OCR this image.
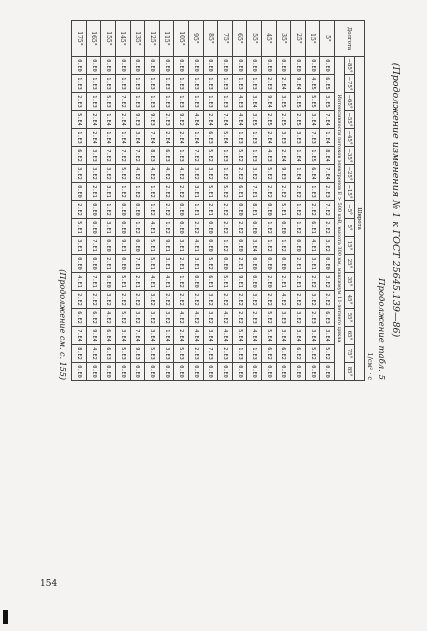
154
(Продолжение изменения № 1 к ГОСТ 25645.139—86)
Продолжение табл. 5
1/см² · с
Долгота	Широта																	
	−85°	−75°	−65°	−55°	−45°	−35°	−25°	−15°	−5°	5°	15°	25°	35°	45°	55°	65°	75°	85°
	Интенсивности потоков электронов E > 500 кэВ, высота 300 км, максимум 11-летнего цикла																	
5°	0.E0	6.E5	3.E5	7.E4	1.E4	8.E4	7.E4	2.E3	7.E2	2.E2	3.E2	0.E0	3.E2	2.E2	6.E3	3.E4	5.E2	0.E0
15°	0.E0	4.E5	5.E5	3.E4	7.E3	1.E5	6.E4	1.E3	2.E2	6.E1	4.E1	3.E1	2.E2	3.E2	2.E3	3.E4	5.E2	0.E0
25°	0.E0	9.E4	5.E5	2.E5	3.E3	1.E4	1.E4	2.E2	1.E2	1.E2	0.E0	2.E1	2.E1	2.E2	3.E2	3.E4	6.E2	0.E0
35°	0.E0	2.E4	3.E5	2.E5	3.E3	2.E4	9.E3	2.E2	5.E1	0.E0	1.E2	0.E0	2.E1	4.E2	3.E3	3.E4	6.E2	0.E0
45°	0.E0	2.E3	9.E4	2.E5	2.E4	4.E3	5.E2	2.E2	0.E0	1.E2	1.E2	0.E0	2.E0	2.E2	5.E2	5.E4	6.E2	0.E0
55°	0.E0	1.E3	3.E4	3.E5	1.E3	1.E3	3.E2	7.E1	8.E1	0.E0	3.E4	0.E0	0.E0	3.E2	2.E3	4.E4	1.E3	0.E0
65°	0.E0	1.E3	4.E3	4.E4	1.E3	5.E2	2.E2	6.E1	0.E0	2.E2	0.E0	2.E1	9.E1	2.E2	2.E2	5.E4	1.E3	0.E0
75°	0.E0	1.E3	1.E3	7.E4	5.E4	1.E3	1.E2	5.E2	2.E2	2.E2	1.E2	0.E0	5.E1	2.E2	4.E2	4.E4	2.E3	0.E0
85°	0.E0	1.E3	1.E3	2.E4	6.E3	5.E2	3.E2	5.E1	2.E1	0.E0	0.E0	5.E2	6.E1	3.E2	3.E2	3.E4	7.E3	0.E0
95°	0.E0	1.E3	1.E3	4.E4	1.E4	7.E2	3.E2	3.E1	1.E1	2.E2	4.E1	3.E1	0.E0	2.E2	4.E2	4.E4	2.E3	0.E0
105°	0.E0	1.E3	1.E3	9.E2	2.E4	1.E3	4.E2	2.E2	0.E0	0.E0	3.E1	2.E1	1.E2	2.E2	4.E2	2.E4	5.E3	0.E0
115°	0.E0	1.E3	1.E3	2.E3	2.E4	6.E3	4.E2	2.E2	2.E2	1.E2	9.E1	3.E1	4.E1	2.E2	3.E2	1.E4	3.E3	0.E0
125°	0.E0	1.E3	1.E3	9.E3	7.E4	8.E3	4.E2	1.E2	1.E2	4.E1	5.E1	5.E1	4.E1	3.E2	3.E2	3.E4	5.E3	0.E0
135°	0.E0	1.E3	1.E3	9.E3	3.E4	7.E2	4.E2	1.E2	0.E0	1.E2	0.E0	7.E1	2.E1	2.E2	3.E2	7.E4	9.E3	0.E0
145°	0.E0	1.E3	7.E2	2.E4	1.E4	7.E2	5.E2	1.E2	0.E0	0.E0	9.E1	0.E0	5.E1	2.E2	5.E2	3.E4	5.E3	0.E0
155°	0.E0	1.E3	5.E3	1.E4	1.E4	7.E2	3.E2	3.E1	1.E2	3.E1	0.E0	2.E1	0.E0	3.E2	4.E2	6.E4	6.E3	0.E0
165°	0.E0	1.E3	1.E3	2.E4	2.E4	3.E3	3.E2	2.E1	0.E0	0.E0	7.E1	0.E0	7.E1	2.E2	6.E2	9.E4	4.E2	0.E0
175°	0.E0	1.E3	2.E3	5.E4	1.E3	6.E2	3.E2	0.E0	2.E2	5.E1	3.E1	0.E0	4.E1	2.E2	6.E2	7.E4	8.E2	0.E0
(Продолжение см. с. 155)
